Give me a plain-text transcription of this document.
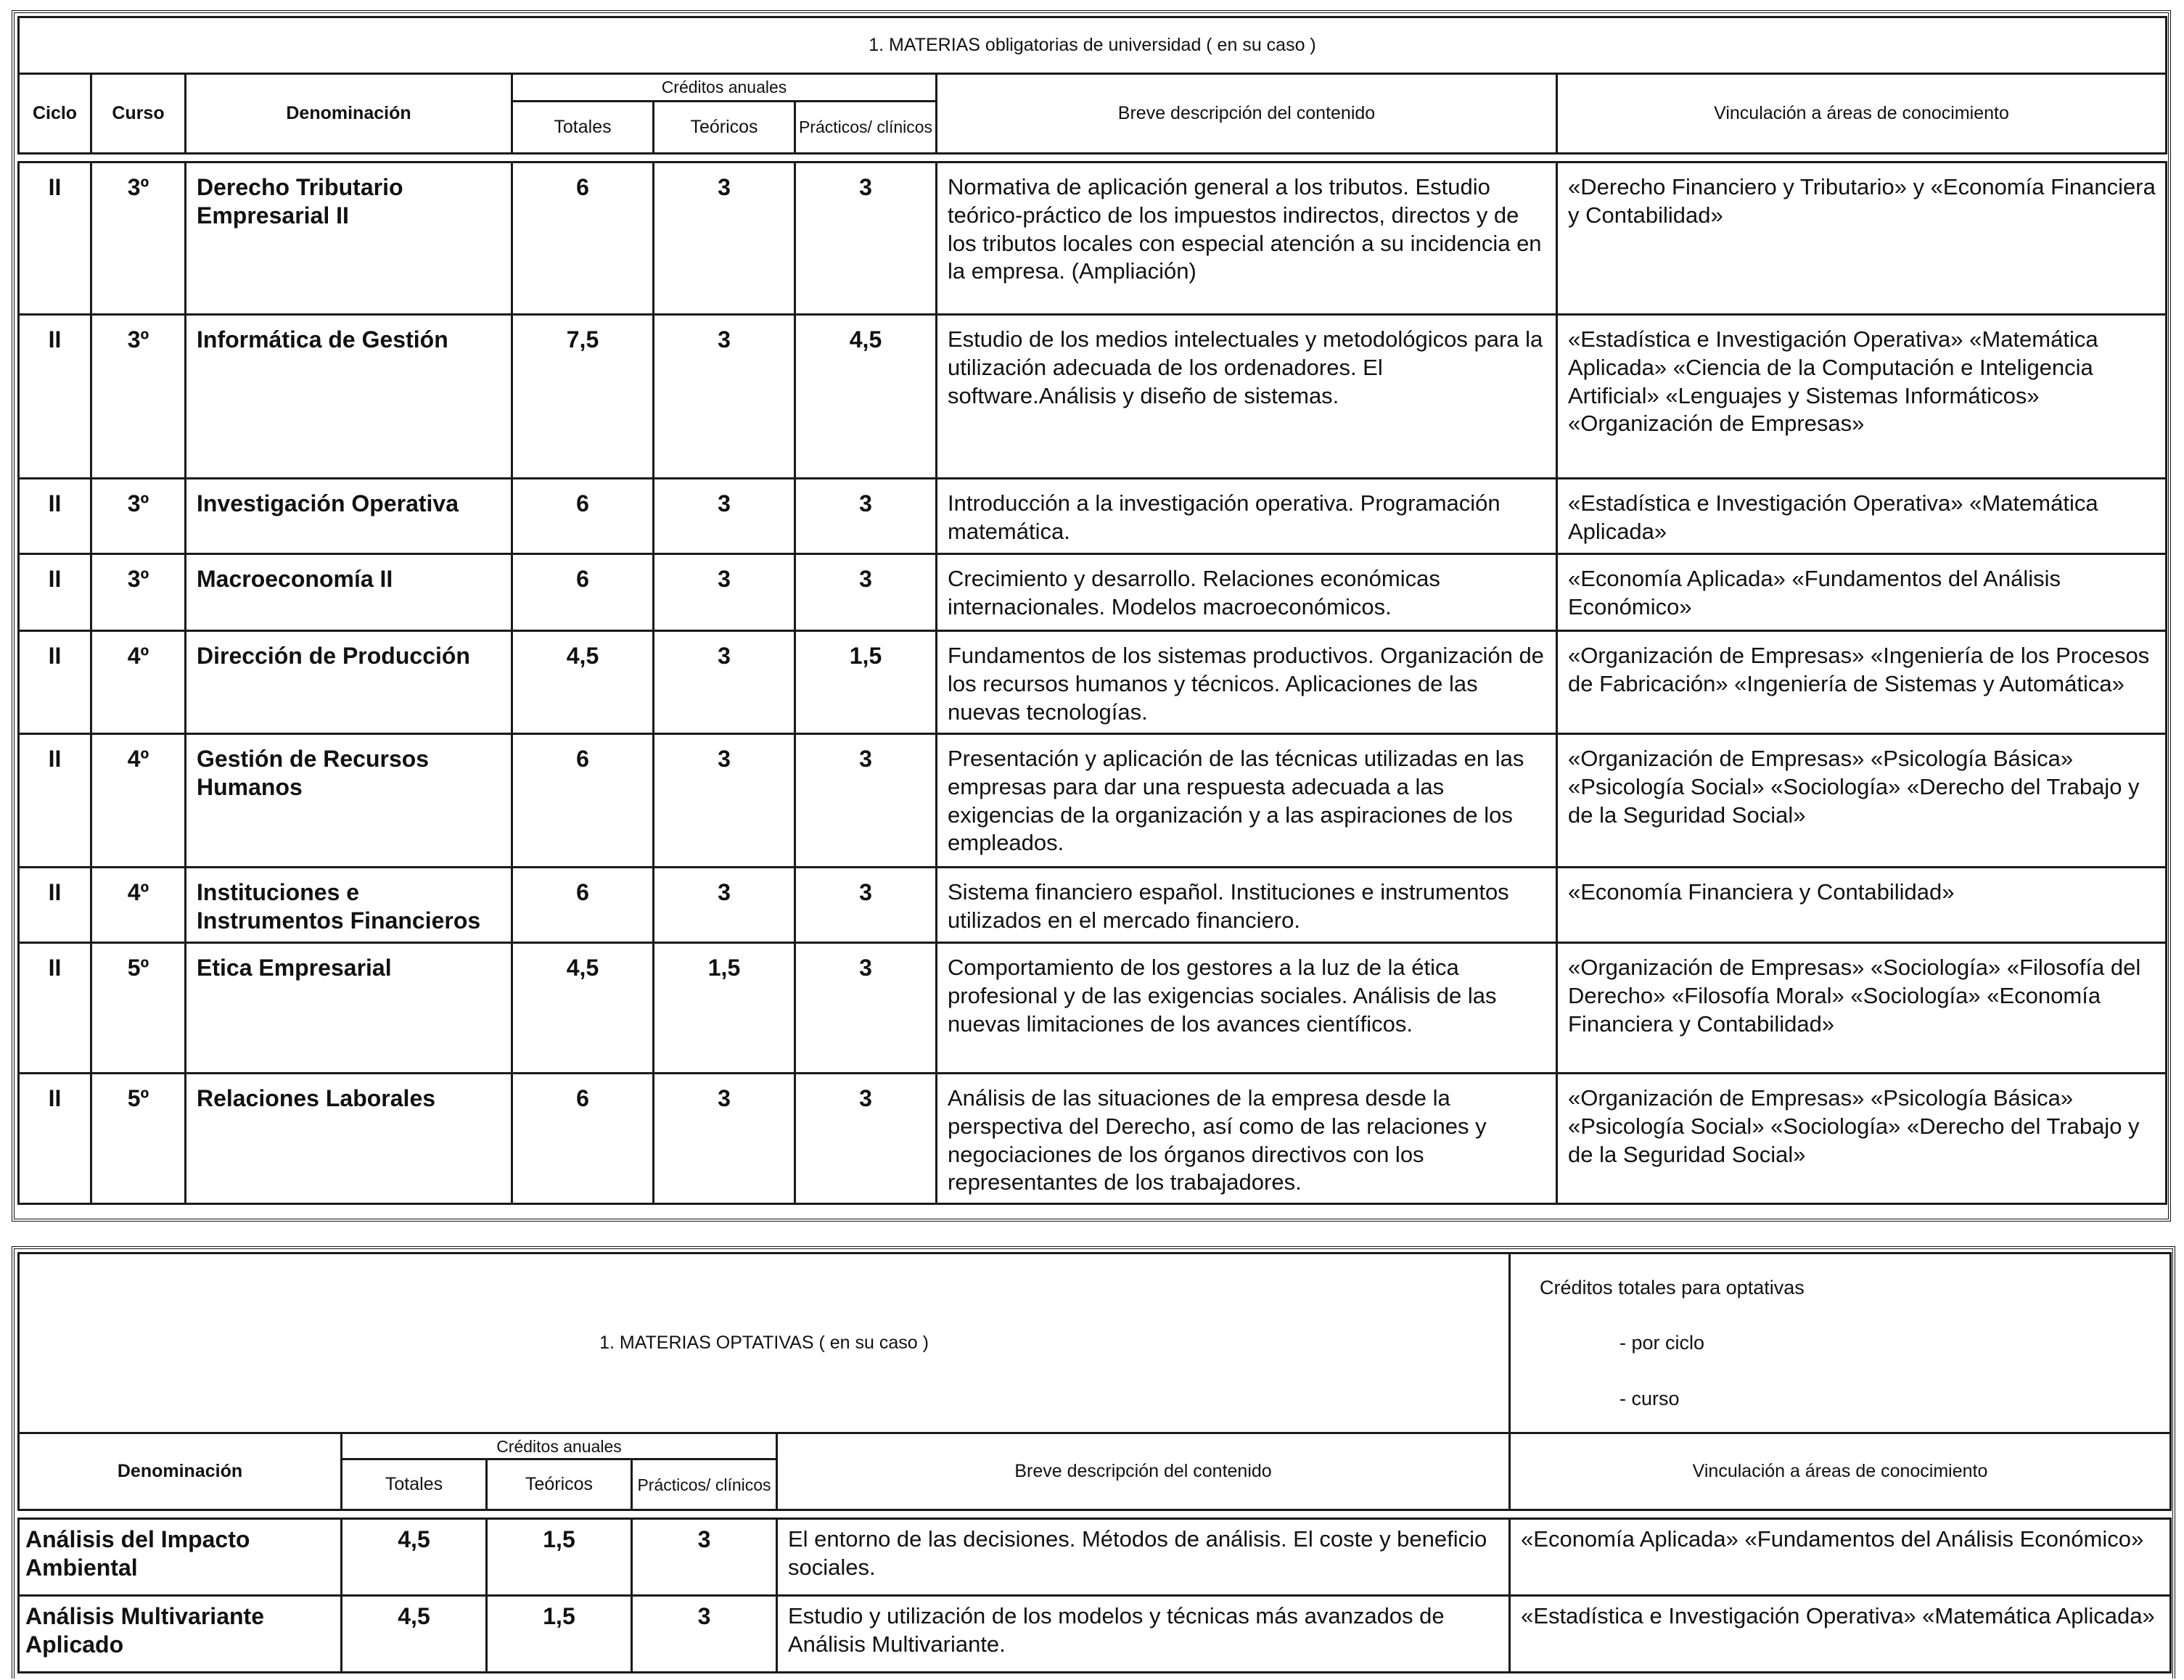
1. MATERIAS obligatorias de universidad ( en su caso )							
Ciclo	Curso	Denominación	Créditos anuales			Breve descripción del contenido	Vinculación a áreas de conocimiento
			Totales	Teóricos	Prácticos/ clínicos		

II	3º	Derecho Tributario Empresarial II	6	3	3	Normativa de aplicación general a los tributos. Estudio teórico-práctico de los impuestos indirectos, directos y de los tributos locales con especial atención a su incidencia en la empresa. (Ampliación)	«Derecho Financiero y Tributario» y «Economía Financiera y Contabilidad»
II	3º	Informática de Gestión	7,5	3	4,5	Estudio de los medios intelectuales y metodológicos para la utilización adecuada de los ordenadores. El software.Análisis y diseño de sistemas.	«Estadística e Investigación Operativa» «Matemática Aplicada» «Ciencia de la Computación e Inteligencia Artificial» «Lenguajes y Sistemas Informáticos» «Organización de Empresas»
II	3º	Investigación Operativa	6	3	3	Introducción a la investigación operativa. Programación matemática.	«Estadística e Investigación Operativa» «Matemática Aplicada»
II	3º	Macroeconomía II	6	3	3	Crecimiento y desarrollo. Relaciones económicas internacionales. Modelos macroeconómicos.	«Economía Aplicada» «Fundamentos del Análisis Económico»
II	4º	Dirección de Producción	4,5	3	1,5	Fundamentos de los sistemas productivos. Organización de los recursos humanos y técnicos. Aplicaciones de las nuevas tecnologías.	«Organización de Empresas» «Ingeniería de los Procesos de Fabricación» «Ingeniería de Sistemas y Automática»
II	4º	Gestión de Recursos Humanos	6	3	3	Presentación y aplicación de las técnicas utilizadas en las empresas para dar una respuesta adecuada a las exigencias de la organización y a las aspiraciones de los empleados.	«Organización de Empresas» «Psicología Básica» «Psicología Social» «Sociología» «Derecho del Trabajo y de la Seguridad Social»
II	4º	Instituciones e Instrumentos Financieros	6	3	3	Sistema financiero español. Instituciones e instrumentos utilizados en el mercado financiero.	«Economía Financiera y Contabilidad»
II	5º	Etica Empresarial	4,5	1,5	3	Comportamiento de los gestores a la luz de la ética profesional y de las exigencias sociales. Análisis de las nuevas limitaciones de los avances científicos.	«Organización de Empresas» «Sociología» «Filosofía del Derecho» «Filosofía Moral» «Sociología» «Economía Financiera y Contabilidad»
II	5º	Relaciones Laborales	6	3	3	Análisis de las situaciones de la empresa desde la perspectiva del Derecho, así como de las relaciones y negociaciones de los órganos directivos con los representantes de los trabajadores.	«Organización de Empresas» «Psicología Básica» «Psicología Social» «Sociología» «Derecho del Trabajo y de la Seguridad Social»
1. MATERIAS OPTATIVAS ( en su caso )					Créditos totales para optativas
- por ciclo
- curso

Denominación	Créditos anuales			Breve descripción del contenido	Vinculación a áreas de conocimiento
	Totales	Teóricos	Prácticos/ clínicos		

Análisis del Impacto Ambiental	4,5	1,5	3	El entorno de las decisiones. Métodos de análisis. El coste y beneficio sociales.	«Economía Aplicada» «Fundamentos del Análisis Económico»
Análisis Multivariante Aplicado	4,5	1,5	3	Estudio y utilización de los modelos y técnicas más avanzados de Análisis Multivariante.	«Estadística e Investigación Operativa» «Matemática Aplicada»
